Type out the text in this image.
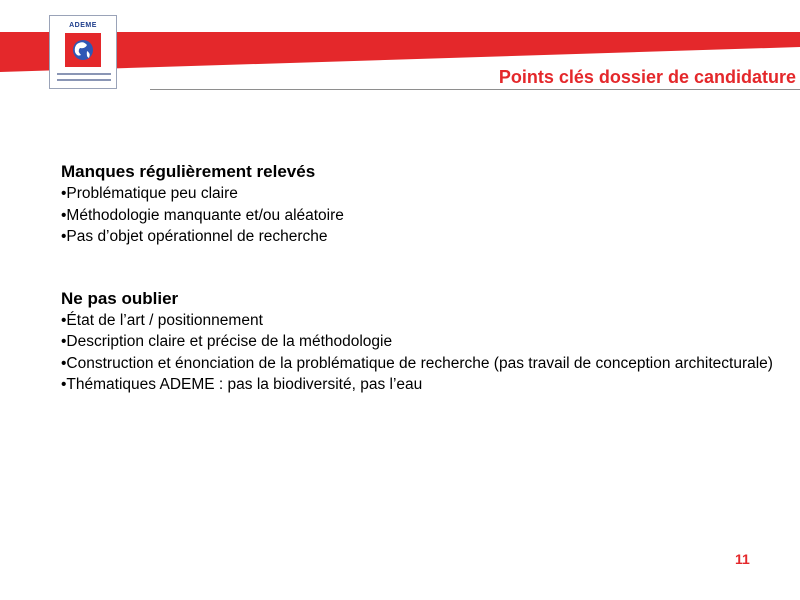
ADEME
Points clés dossier de candidature

Manques régulièrement relevés

•Problématique peu claire
•Méthodologie manquante et/ou aléatoire
•Pas d’objet opérationnel de recherche

Ne pas oublier

•État de l’art / positionnement
•Description claire et précise de la méthodologie
•Construction et énonciation de la problématique de recherche (pas travail de conception architecturale)
•Thématiques ADEME : pas la biodiversité, pas l’eau
11
